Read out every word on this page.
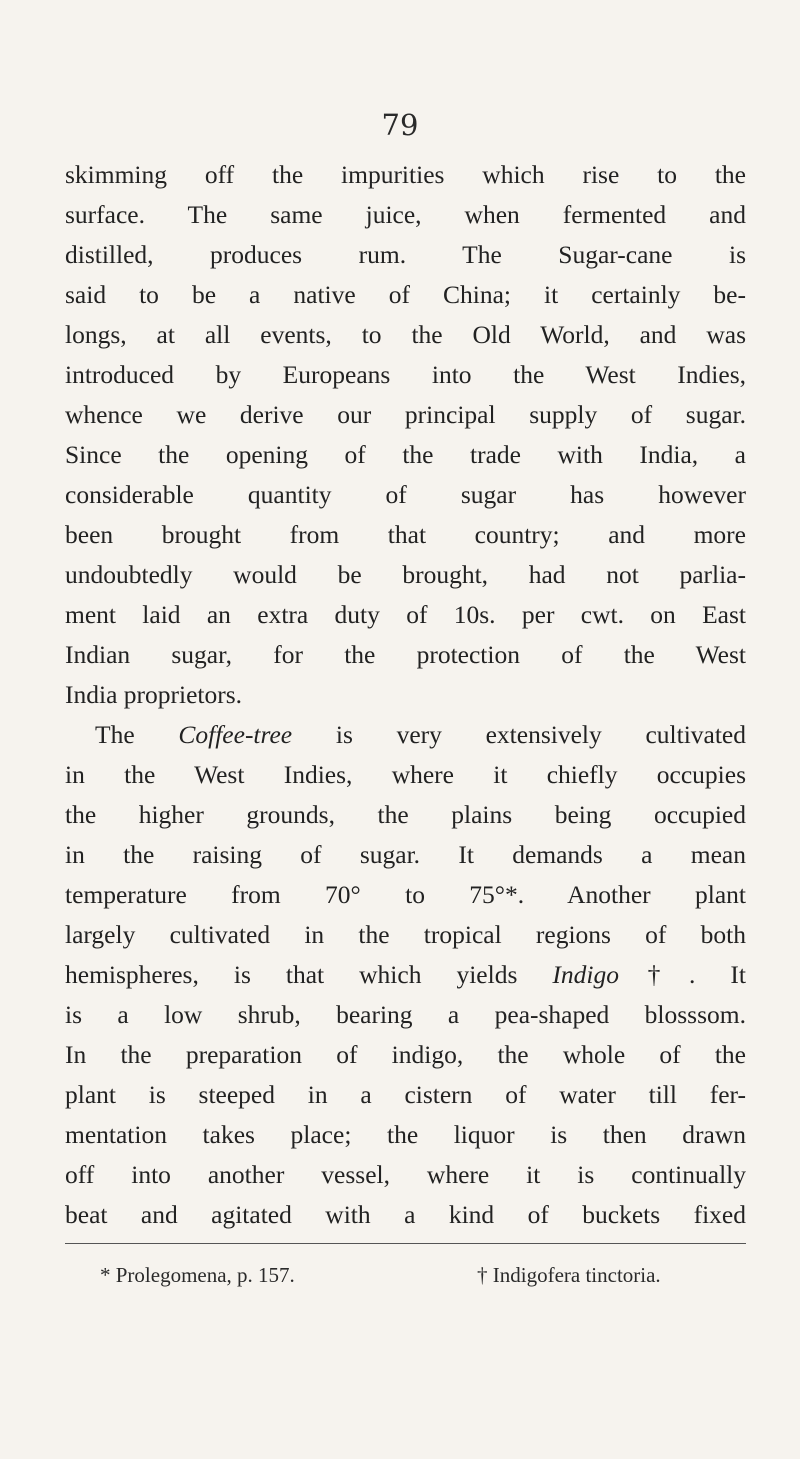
79
skimming off the impurities which rise to the
surface. The same juice, when fermented and
distilled, produces rum. The Sugar-cane is
said to be a native of China; it certainly be-
longs, at all events, to the Old World, and was
introduced by Europeans into the West Indies,
whence we derive our principal supply of sugar.
Since the opening of the trade with India, a
considerable quantity of sugar has however
been brought from that country; and more
undoubtedly would be brought, had not parlia-
ment laid an extra duty of 10s. per cwt. on East
Indian sugar, for the protection of the West
India proprietors.
The Coffee-tree is very extensively cultivated
in the West Indies, where it chiefly occupies
the higher grounds, the plains being occupied
in the raising of sugar. It demands a mean
temperature from 70° to 75°*. Another plant
largely cultivated in the tropical regions of both
hemispheres, is that which yields Indigo†. It
is a low shrub, bearing a pea-shaped blosssom.
In the preparation of indigo, the whole of the
plant is steeped in a cistern of water till fer-
mentation takes place; the liquor is then drawn
off into another vessel, where it is continually
beat and agitated with a kind of buckets fixed
* Prolegomena, p. 157.	† Indigofera tinctoria.
